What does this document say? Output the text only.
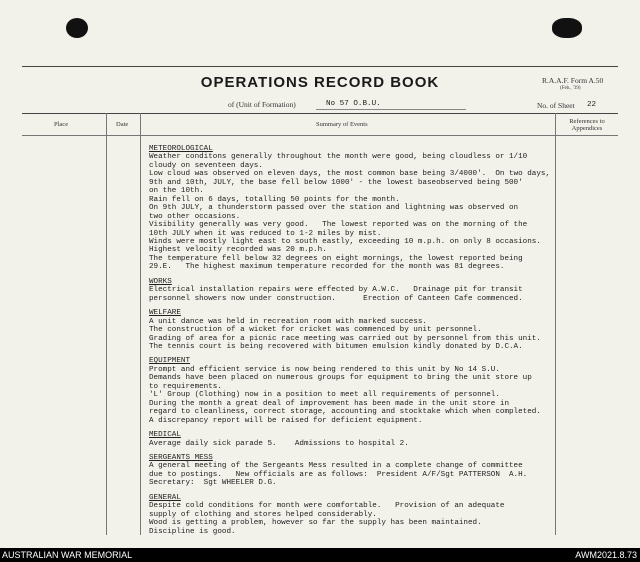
OPERATIONS RECORD BOOK	R.A.A.F. Form A.50
(Feb., '39)
of (Unit of Formation)	No 57 O.B.U.	No. of Sheet 22
Place	Date	Summary of Events	References to Appendices
METEOROLOGICAL
Weather conditons generally throughout the month were good, being cloudless or 1/10
cloudy on seventeen days.
Low cloud was observed on eleven days, the most common base being 3/4000'.  On two days,
9th and 10th, JULY, the base fell below 1000' - the lowest baseobserved being 500'
on the 10th.
Rain fell on 6 days, totalling 50 points for the month.
On 9th JULY, a thunderstorm passed over the station and lightning was observed on
two other occasions.
Visibility generally was very good.   The lowest reported was on the morning of the
10th JULY when it was reduced to 1-2 miles by mist.
Winds were mostly light east to south eastly, exceeding 10 m.p.h. on only 8 occasions.
Highest velocity recorded was 20 m.p.h.
The temperature fell below 32 degrees on eight mornings, the lowest reported being
29.E.   The highest maximum temperature recorded for the month was 81 degrees.
WORKS
Electrical installation repairs were effected by A.W.C.   Drainage pit for transit
personnel showers now under construction.      Erection of Canteen Cafe commenced.
WELFARE
A unit dance was held in recreation room with marked success.
The construction of a wicket for cricket was commenced by unit personnel.
Grading of area for a picnic race meeting was carried out by personnel from this unit.
The tennis court is being recovered with bitumen emulsion kindly donated by D.C.A.
EQUIPMENT
Prompt and efficient service is now being rendered to this unit by No 14 S.U.
Demands have been placed on numerous groups for equipment to bring the unit store up
to requirements.
'L' Group (Clothing) now in a position to meet all requirements of personnel.
During the month a great deal of improvement has been made in the unit store in
regard to cleanliness, correct storage, accounting and stocktake which when completed.
A discrepancy report will be raised for deficient equipment.
MEDICAL
Average daily sick parade 5.    Admissions to hospital 2.
SERGEANTS MESS
A general meeting of the Sergeants Mess resulted in a complete change of committee
due to postings.   New officials are as follows:  President A/F/Sgt PATTERSON  A.H.
Secretary:  Sgt WHEELER D.G.
GENERAL
Despite cold conditions for month were comfortable.   Provision of an adequate
supply of clothing and stores helped considerably.
Wood is getting a problem, however so far the supply has been maintained.
Discipline is good.
AUSTRALIAN WAR MEMORIAL	AWM2021.8.73
